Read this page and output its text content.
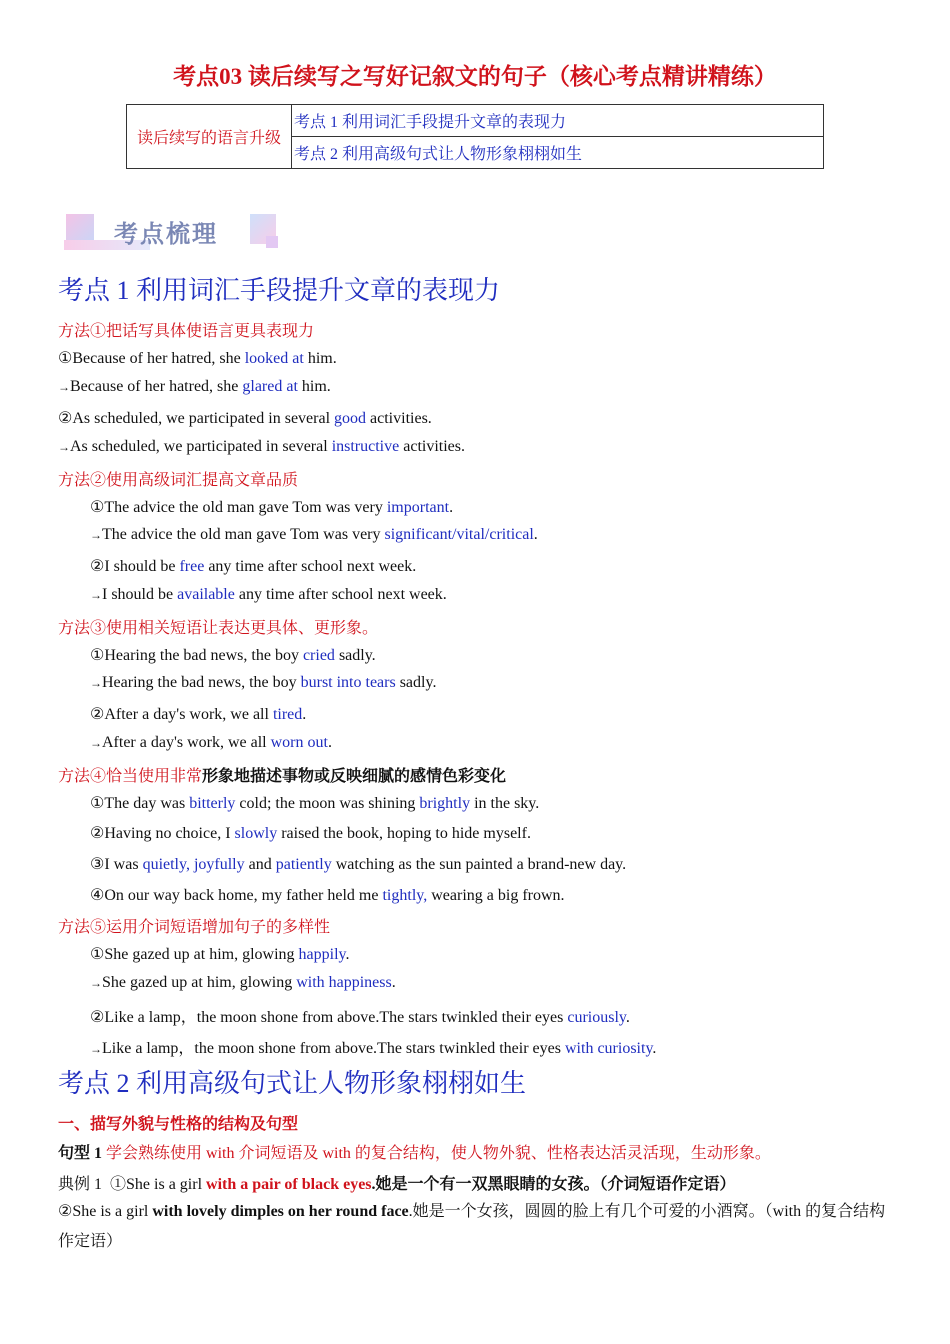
考点03 读后续写之写好记叙文的句子（核心考点精讲精练）
读后续写的语言升级	考点 1 利用词汇手段提升文章的表现力
考点 2 利用高级句式让人物形象栩栩如生
考点梳理
考点 1 利用词汇手段提升文章的表现力
方法①把话写具体使语言更具表现力
①Because of her hatred, she looked at him.
→Because of her hatred, she glared at him.
②As scheduled, we participated in several good activities.
→As scheduled, we participated in several instructive activities.
方法②使用高级词汇提高文章品质
①The advice the old man gave Tom was very important.
→The advice the old man gave Tom was very significant/vital/critical.
②I should be free any time after school next week.
→I should be available any time after school next week.
方法③使用相关短语让表达更具体、更形象。
①Hearing the bad news, the boy cried sadly.
→Hearing the bad news, the boy burst into tears sadly.
②After a day's work, we all tired.
→After a day's work, we all worn out.
方法④恰当使用非常形象地描述事物或反映细腻的感情色彩变化
①The day was bitterly cold; the moon was shining brightly in the sky.
②Having no choice, I slowly raised the book, hoping to hide myself.
③I was quietly, joyfully and patiently watching as the sun painted a brand-new day.
④On our way back home, my father held me tightly, wearing a big frown.
方法⑤运用介词短语增加句子的多样性
①She gazed up at him, glowing happily.
→She gazed up at him, glowing with happiness.
②Like a lamp，the moon shone from above.The stars twinkled their eyes curiously.
→Like a lamp，the moon shone from above.The stars twinkled their eyes with curiosity.
考点 2 利用高级句式让人物形象栩栩如生
一、描写外貌与性格的结构及句型
句型 1 学会熟练使用 with 介词短语及 with 的复合结构，使人物外貌、性格表达活灵活现，生动形象。
典例 1 ①She is a girl with a pair of black eyes.她是一个有一双黑眼睛的女孩。（介词短语作定语）
②She is a girl with lovely dimples on her round face.她是一个女孩，圆圆的脸上有几个可爱的小酒窝。（with 的复合结构作定语）
